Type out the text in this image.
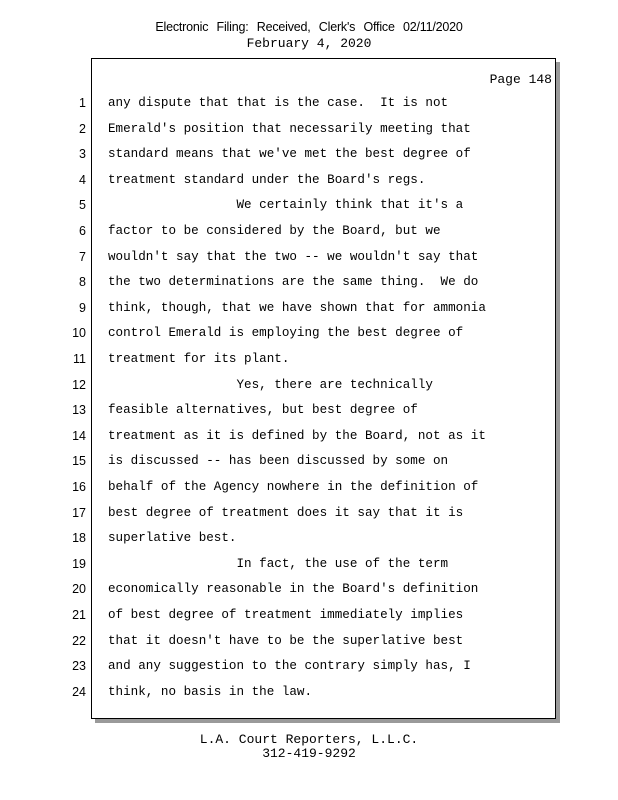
Electronic Filing: Received, Clerk's Office 02/11/2020
February 4, 2020
Page 148
1 any dispute that that is the case.  It is not
2 Emerald's position that necessarily meeting that
3 standard means that we've met the best degree of
4 treatment standard under the Board's regs.
5 We certainly think that it's a
6 factor to be considered by the Board, but we
7 wouldn't say that the two -- we wouldn't say that
8 the two determinations are the same thing.  We do
9 think, though, that we have shown that for ammonia
10 control Emerald is employing the best degree of
11 treatment for its plant.
12 Yes, there are technically
13 feasible alternatives, but best degree of
14 treatment as it is defined by the Board, not as it
15 is discussed -- has been discussed by some on
16 behalf of the Agency nowhere in the definition of
17 best degree of treatment does it say that it is
18 superlative best.
19 In fact, the use of the term
20 economically reasonable in the Board's definition
21 of best degree of treatment immediately implies
22 that it doesn't have to be the superlative best
23 and any suggestion to the contrary simply has, I
24 think, no basis in the law.
L.A. Court Reporters, L.L.C.
312-419-9292
